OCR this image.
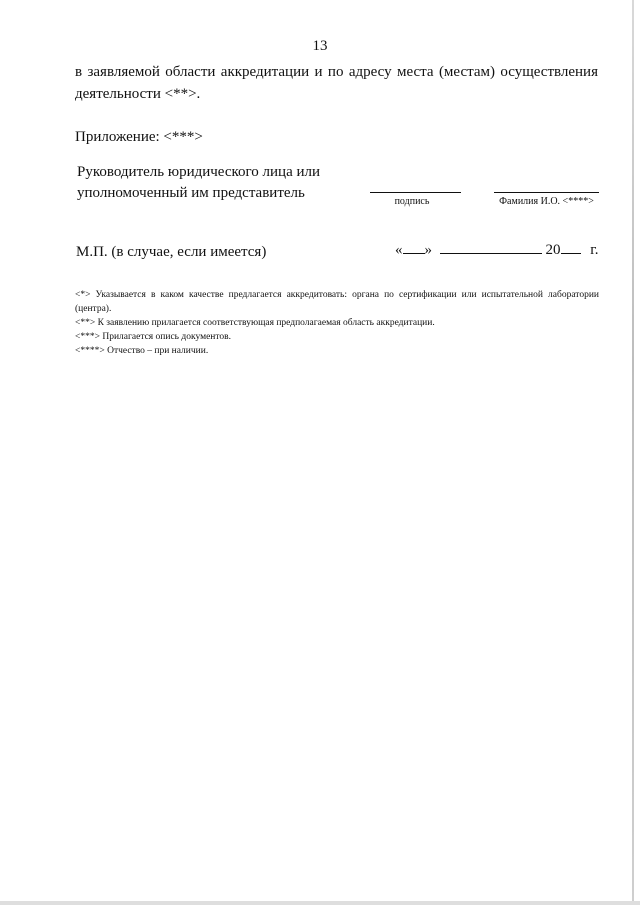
13
в заявляемой области аккредитации и по адресу места (местам) осуществления деятельности <**>.
Приложение: <***>
Руководитель юридического лица или
уполномоченный им представитель
подпись	Фамилия И.О. <****>
М.П. (в случае, если имеется)	« »	20 г.

<*> Указывается в каком качестве предлагается аккредитовать: органа по сертификации или испытательной лаборатории (центра).

<**> К заявлению прилагается соответствующая предполагаемая область аккредитации.

<***> Прилагается опись документов.

<****> Отчество – при наличии.
